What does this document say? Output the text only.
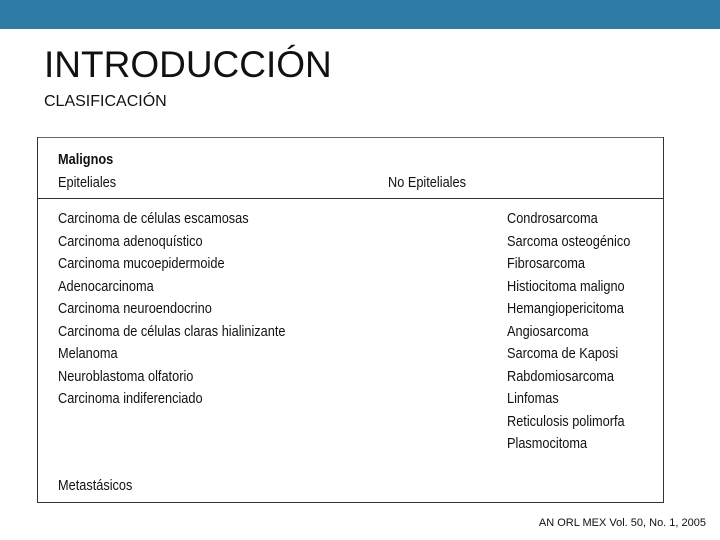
INTRODUCCIÓN
CLASIFICACIÓN
Malignos
Epiteliales	No Epiteliales
Carcinoma de células escamosas
Carcinoma adenoquístico
Carcinoma mucoepidermoide
Adenocarcinoma
Carcinoma neuroendocrino
Carcinoma de células claras hialinizante
Melanoma
Neuroblastoma olfatorio
Carcinoma indiferenciado
Condrosarcoma
Sarcoma osteogénico
Fibrosarcoma
Histiocitoma maligno
Hemangiopericitoma
Angiosarcoma
Sarcoma de Kaposi
Rabdomiosarcoma
Linfomas
Reticulosis polimorfa
Plasmocitoma
Metastásicos
AN ORL MEX Vol. 50, No. 1, 2005
